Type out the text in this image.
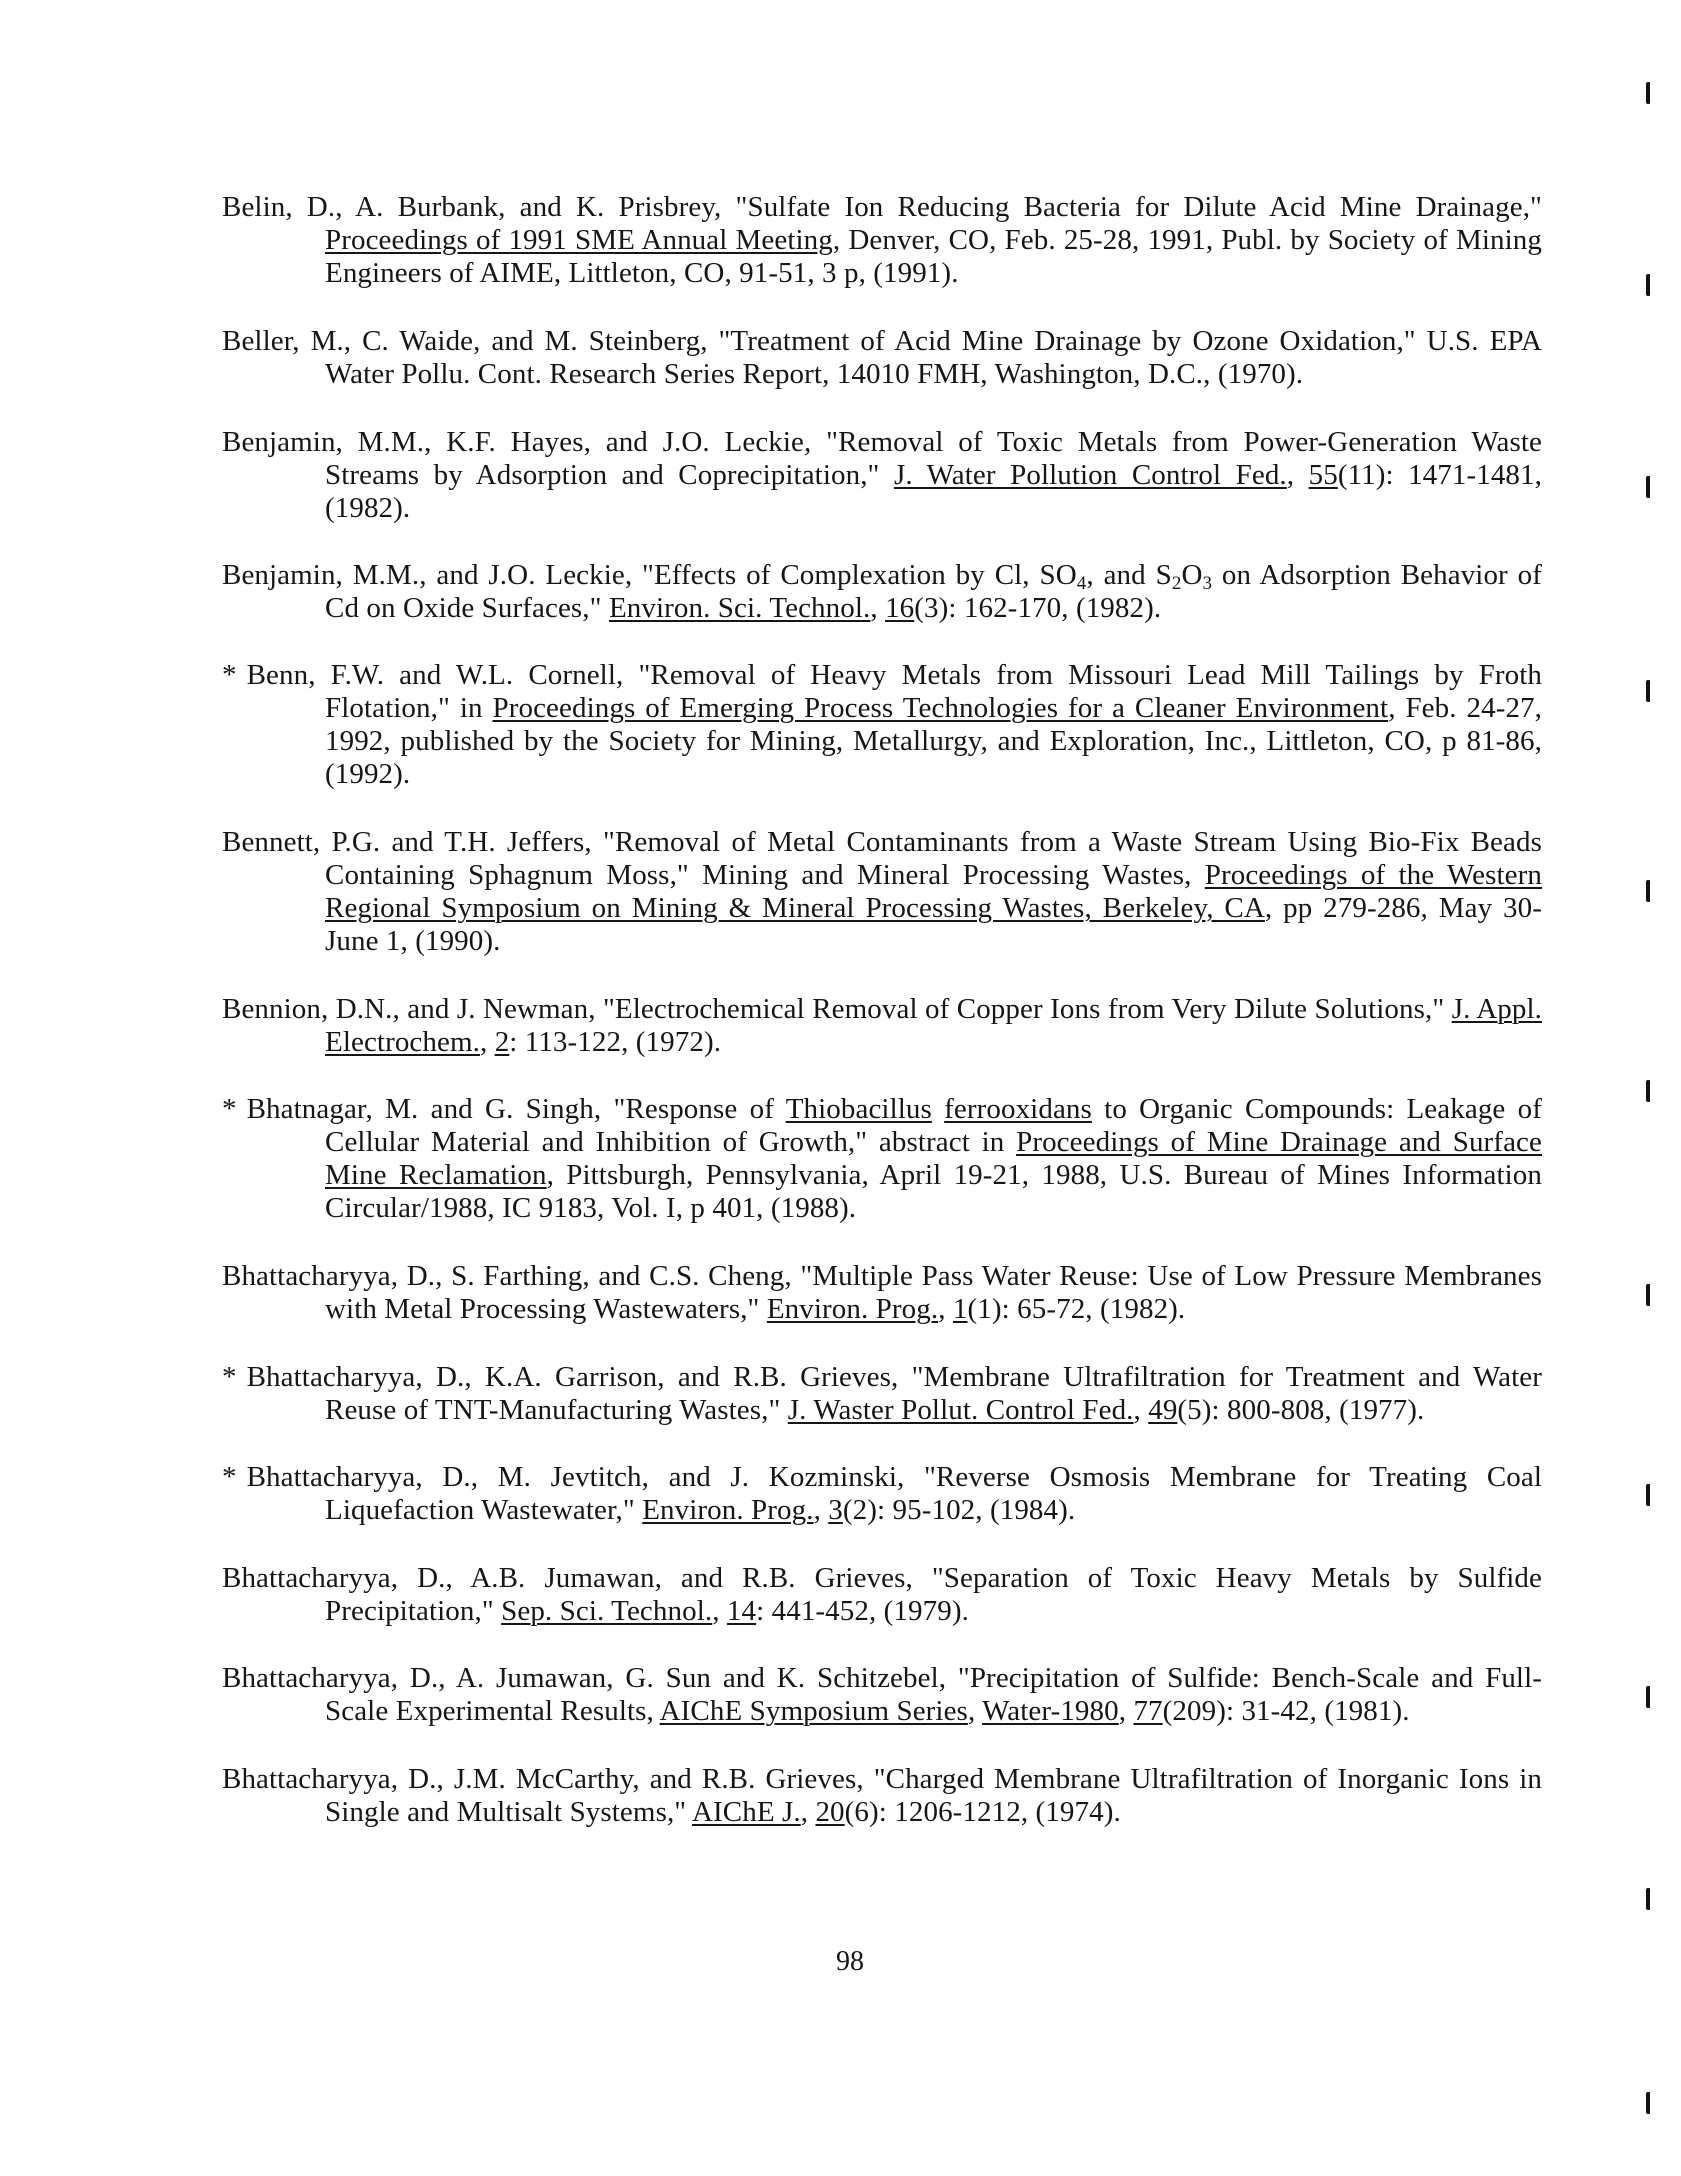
Belin, D., A. Burbank, and K. Prisbrey, "Sulfate Ion Reducing Bacteria for Dilute Acid Mine Drainage," Proceedings of 1991 SME Annual Meeting, Denver, CO, Feb. 25-28, 1991, Publ. by Society of Mining Engineers of AIME, Littleton, CO, 91-51, 3 p, (1991).
Beller, M., C. Waide, and M. Steinberg, "Treatment of Acid Mine Drainage by Ozone Oxidation," U.S. EPA Water Pollu. Cont. Research Series Report, 14010 FMH, Washington, D.C., (1970).
Benjamin, M.M., K.F. Hayes, and J.O. Leckie, "Removal of Toxic Metals from Power-Generation Waste Streams by Adsorption and Coprecipitation," J. Water Pollution Control Fed., 55(11): 1471-1481, (1982).
Benjamin, M.M., and J.O. Leckie, "Effects of Complexation by Cl, $SO_4$, and $S_2O_3$ on Adsorption Behavior of Cd on Oxide Surfaces," Environ. Sci. Technol., 16(3): 162-170, (1982).
* Benn, F.W. and W.L. Cornell, "Removal of Heavy Metals from Missouri Lead Mill Tailings by Froth Flotation," in Proceedings of Emerging Process Technologies for a Cleaner Environment, Feb. 24-27, 1992, published by the Society for Mining, Metallurgy, and Exploration, Inc., Littleton, CO, p 81-86, (1992).
Bennett, P.G. and T.H. Jeffers, "Removal of Metal Contaminants from a Waste Stream Using Bio-Fix Beads Containing Sphagnum Moss," Mining and Mineral Processing Wastes, Proceedings of the Western Regional Symposium on Mining & Mineral Processing Wastes, Berkeley, CA, pp 279-286, May 30-June 1, (1990).
Bennion, D.N., and J. Newman, "Electrochemical Removal of Copper Ions from Very Dilute Solutions," J. Appl. Electrochem., 2: 113-122, (1972).
* Bhatnagar, M. and G. Singh, "Response of Thiobacillus ferrooxidans to Organic Compounds: Leakage of Cellular Material and Inhibition of Growth," abstract in Proceedings of Mine Drainage and Surface Mine Reclamation, Pittsburgh, Pennsylvania, April 19-21, 1988, U.S. Bureau of Mines Information Circular/1988, IC 9183, Vol. I, p 401, (1988).
Bhattacharyya, D., S. Farthing, and C.S. Cheng, "Multiple Pass Water Reuse: Use of Low Pressure Membranes with Metal Processing Wastewaters," Environ. Prog., 1(1): 65-72, (1982).
* Bhattacharyya, D., K.A. Garrison, and R.B. Grieves, "Membrane Ultrafiltration for Treatment and Water Reuse of TNT-Manufacturing Wastes," J. Waster Pollut. Control Fed., 49(5): 800-808, (1977).
* Bhattacharyya, D., M. Jevtitch, and J. Kozminski, "Reverse Osmosis Membrane for Treating Coal Liquefaction Wastewater," Environ. Prog., 3(2): 95-102, (1984).
Bhattacharyya, D., A.B. Jumawan, and R.B. Grieves, "Separation of Toxic Heavy Metals by Sulfide Precipitation," Sep. Sci. Technol., 14: 441-452, (1979).
Bhattacharyya, D., A. Jumawan, G. Sun and K. Schitzebel, "Precipitation of Sulfide: Bench-Scale and Full-Scale Experimental Results, AIChE Symposium Series, Water-1980, 77(209): 31-42, (1981).
Bhattacharyya, D., J.M. McCarthy, and R.B. Grieves, "Charged Membrane Ultrafiltration of Inorganic Ions in Single and Multisalt Systems," AIChE J., 20(6): 1206-1212, (1974).
98
